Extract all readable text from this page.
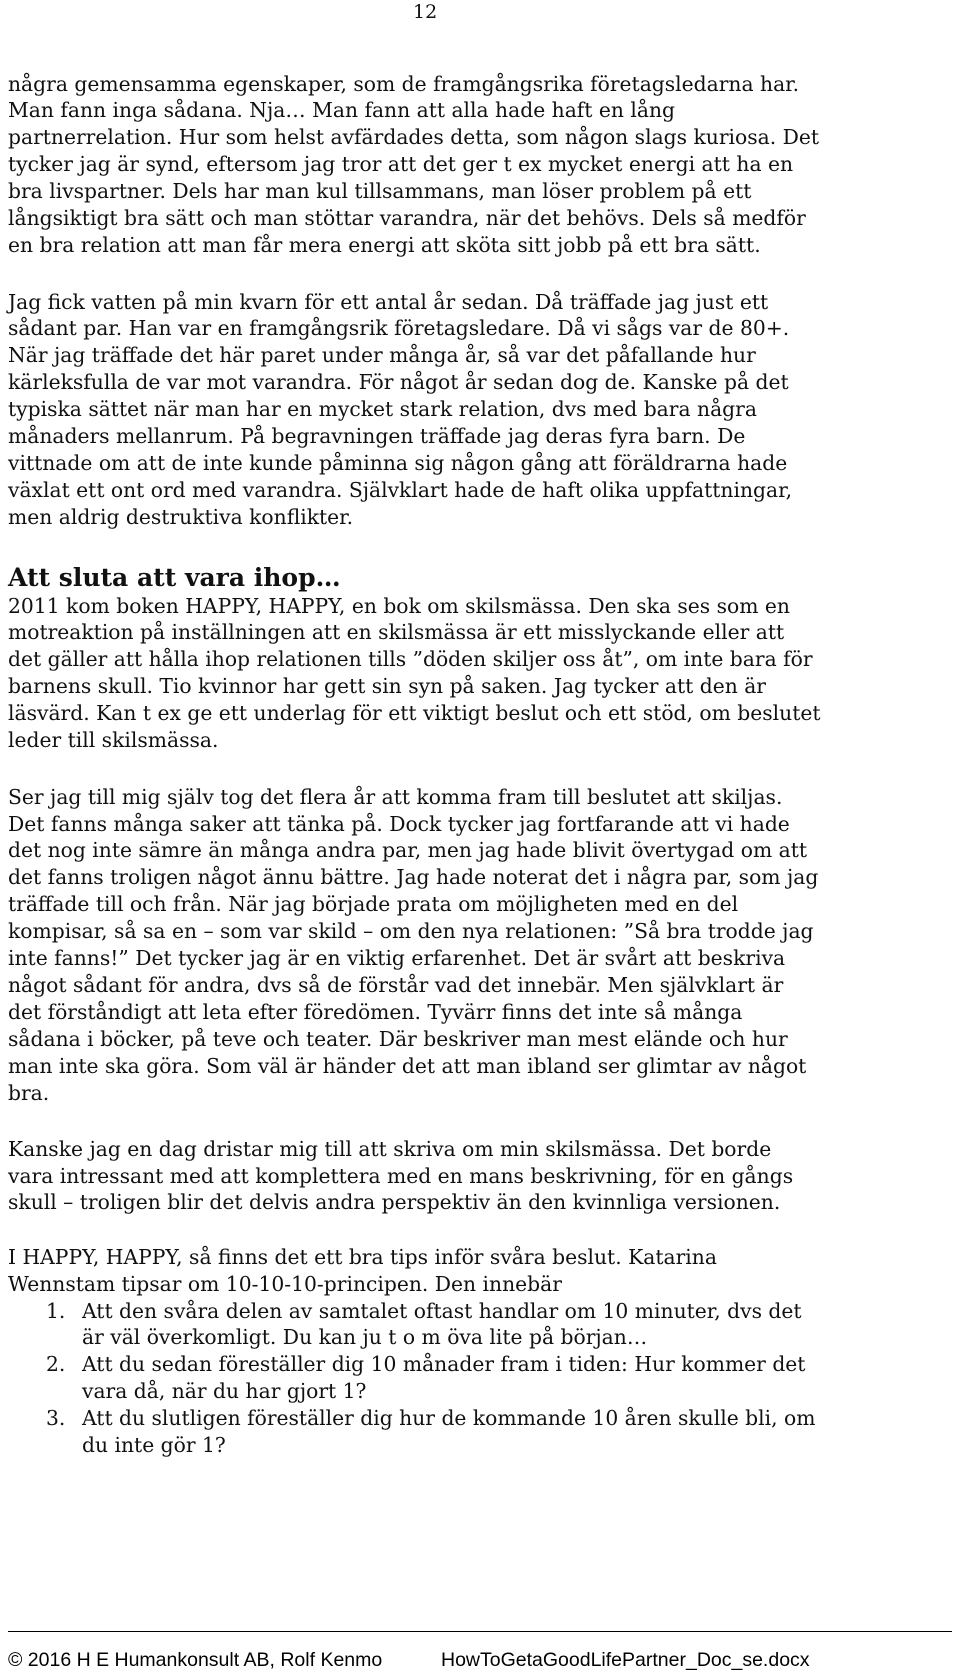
12

några gemensamma egenskaper, som de framgångsrika företagsledarna har.
Man fann inga sådana. Nja… Man fann att alla hade haft en lång
partnerrelation. Hur som helst avfärdades detta, som någon slags kuriosa. Det
tycker jag är synd, eftersom jag tror att det ger t ex mycket energi att ha en
bra livspartner. Dels har man kul tillsammans, man löser problem på ett
långsiktigt bra sätt och man stöttar varandra, när det behövs. Dels så medför
en bra relation att man får mera energi att sköta sitt jobb på ett bra sätt.

Jag fick vatten på min kvarn för ett antal år sedan. Då träffade jag just ett
sådant par. Han var en framgångsrik företagsledare. Då vi sågs var de 80+.
När jag träffade det här paret under många år, så var det påfallande hur
kärleksfulla de var mot varandra. För något år sedan dog de. Kanske på det
typiska sättet när man har en mycket stark relation, dvs med bara några
månaders mellanrum. På begravningen träffade jag deras fyra barn. De
vittnade om att de inte kunde påminna sig någon gång att föräldrarna hade
växlat ett ont ord med varandra. Självklart hade de haft olika uppfattningar,
men aldrig destruktiva konflikter.

Att sluta att vara ihop…

2011 kom boken HAPPY, HAPPY, en bok om skilsmässa. Den ska ses som en
motreaktion på inställningen att en skilsmässa är ett misslyckande eller att
det gäller att hålla ihop relationen tills ”döden skiljer oss åt”, om inte bara för
barnens skull. Tio kvinnor har gett sin syn på saken. Jag tycker att den är
läsvärd. Kan t ex ge ett underlag för ett viktigt beslut och ett stöd, om beslutet
leder till skilsmässa.

Ser jag till mig själv tog det flera år att komma fram till beslutet att skiljas.
Det fanns många saker att tänka på. Dock tycker jag fortfarande att vi hade
det nog inte sämre än många andra par, men jag hade blivit övertygad om att
det fanns troligen något ännu bättre. Jag hade noterat det i några par, som jag
träffade till och från. När jag började prata om möjligheten med en del
kompisar, så sa en – som var skild – om den nya relationen: ”Så bra trodde jag
inte fanns!” Det tycker jag är en viktig erfarenhet. Det är svårt att beskriva
något sådant för andra, dvs så de förstår vad det innebär. Men självklart är
det förståndigt att leta efter föredömen. Tyvärr finns det inte så många
sådana i böcker, på teve och teater. Där beskriver man mest elände och hur
man inte ska göra. Som väl är händer det att man ibland ser glimtar av något
bra.

Kanske jag en dag dristar mig till att skriva om min skilsmässa. Det borde
vara intressant med att komplettera med en mans beskrivning, för en gångs
skull – troligen blir det delvis andra perspektiv än den kvinnliga versionen.

I HAPPY, HAPPY, så finns det ett bra tips inför svåra beslut. Katarina
Wennstam tipsar om 10-10-10-principen. Den innebär

1. Att den svåra delen av samtalet oftast handlar om 10 minuter, dvs det
är väl överkomligt. Du kan ju t o m öva lite på början…
2. Att du sedan föreställer dig 10 månader fram i tiden: Hur kommer det
vara då, när du har gjort 1?
3. Att du slutligen föreställer dig hur de kommande 10 åren skulle bli, om
du inte gör 1?
© 2016 H E Humankonsult AB, Rolf Kenmo	HowToGetaGoodLifePartner_Doc_se.docx
